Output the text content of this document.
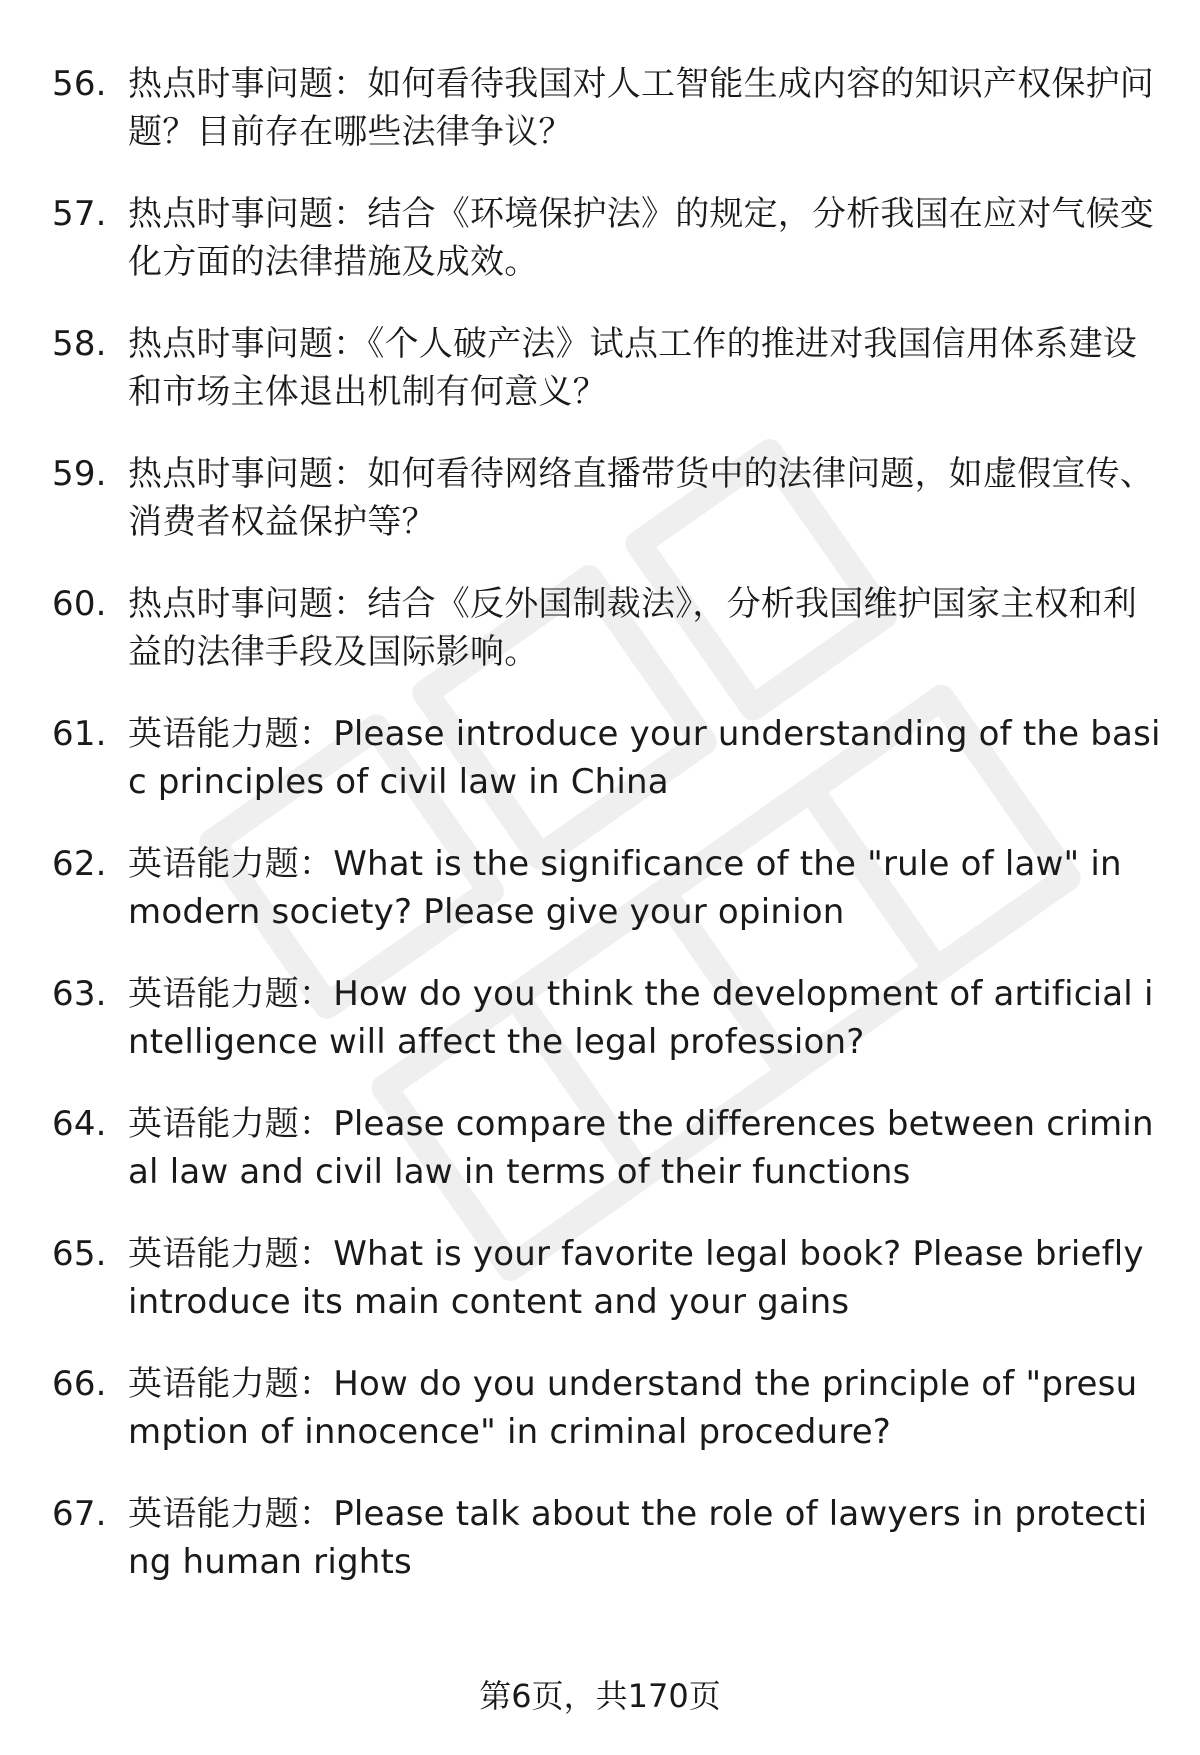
56. 热点时事问题：如何看待我国对人工智能生成内容的知识产权保护问题？目前存在哪些法律争议？
57. 热点时事问题：结合《环境保护法》的规定，分析我国在应对气候变化方面的法律措施及成效。
58. 热点时事问题：《个人破产法》试点工作的推进对我国信用体系建设和市场主体退出机制有何意义？
59. 热点时事问题：如何看待网络直播带货中的法律问题，如虚假宣传、消费者权益保护等？
60. 热点时事问题：结合《反外国制裁法》，分析我国维护国家主权和利益的法律手段及国际影响。
61. 英语能力题：Please introduce your understanding of the basic principles of civil law in China
62. 英语能力题：What is the significance of the "rule of law" in modern society? Please give your opinion
63. 英语能力题：How do you think the development of artificial intelligence will affect the legal profession?
64. 英语能力题：Please compare the differences between criminal law and civil law in terms of their functions
65. 英语能力题：What is your favorite legal book? Please briefly introduce its main content and your gains
66. 英语能力题：How do you understand the principle of "presumption of innocence" in criminal procedure?
67. 英语能力题：Please talk about the role of lawyers in protecting human rights
第6页，共170页
